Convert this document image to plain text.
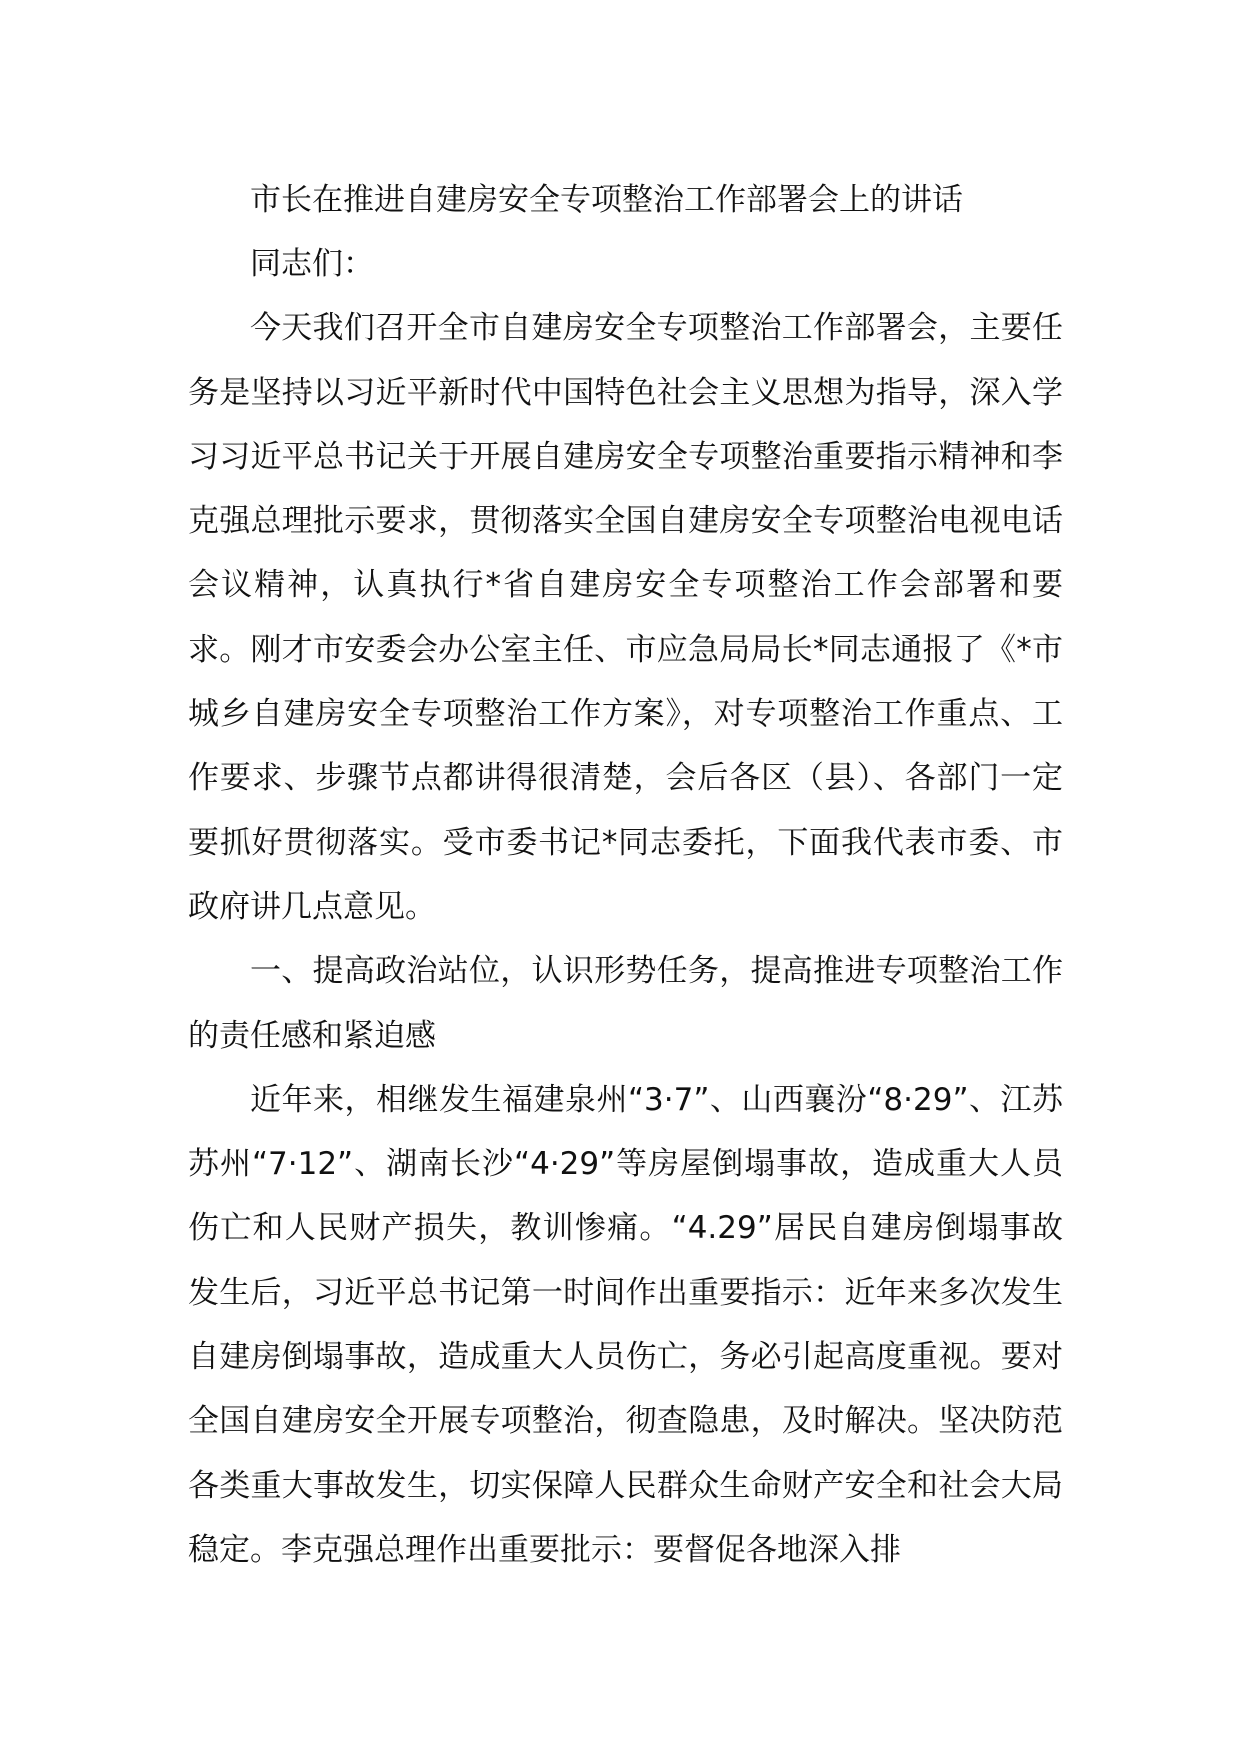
市长在推进自建房安全专项整治工作部署会上的讲话

同志们：

今天我们召开全市自建房安全专项整治工作部署会，主要任务是坚持以习近平新时代中国特色社会主义思想为指导，深入学习习近平总书记关于开展自建房安全专项整治重要指示精神和李克强总理批示要求，贯彻落实全国自建房安全专项整治电视电话会议精神，认真执行*省自建房安全专项整治工作会部署和要求。刚才市安委会办公室主任、市应急局局长*同志通报了《*市城乡自建房安全专项整治工作方案》，对专项整治工作重点、工作要求、步骤节点都讲得很清楚，会后各区（县）、各部门一定要抓好贯彻落实。受市委书记*同志委托，下面我代表市委、市政府讲几点意见。

一、提高政治站位，认识形势任务，提高推进专项整治工作的责任感和紧迫感

近年来，相继发生福建泉州“3·7”、山西襄汾“8·29”、江苏苏州“7·12”、湖南长沙“4·29”等房屋倒塌事故，造成重大人员伤亡和人民财产损失，教训惨痛。“4.29”居民自建房倒塌事故发生后，习近平总书记第一时间作出重要指示：近年来多次发生自建房倒塌事故，造成重大人员伤亡，务必引起高度重视。要对全国自建房安全开展专项整治，彻查隐患，及时解决。坚决防范各类重大事故发生，切实保障人民群众生命财产安全和社会大局稳定。李克强总理作出重要批示：要督促各地深入排
